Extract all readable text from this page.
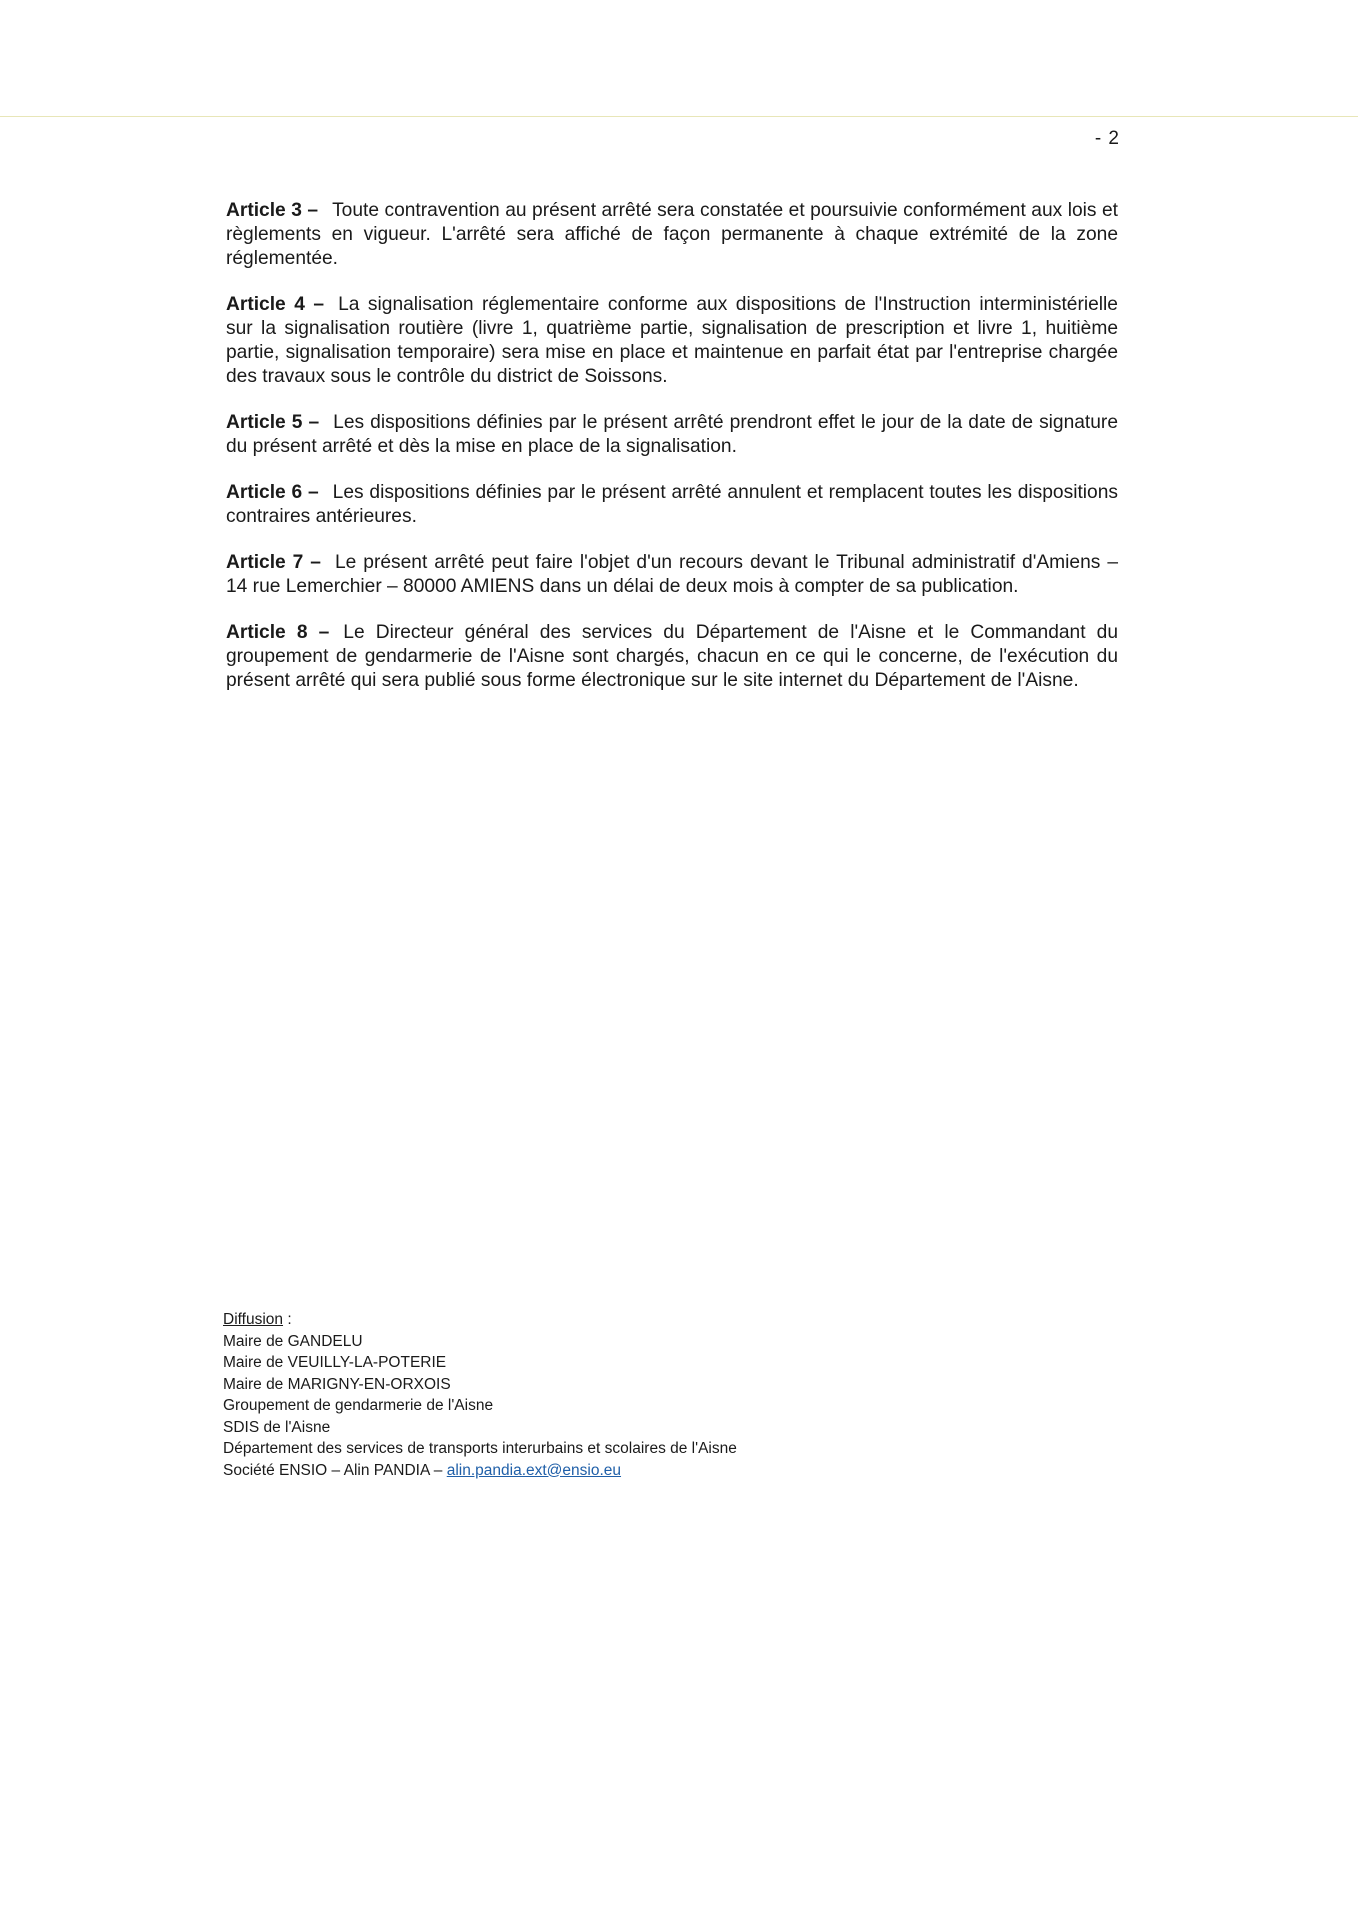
- 2

Article 3 – Toute contravention au présent arrêté sera constatée et poursuivie conformément aux lois et règlements en vigueur. L'arrêté sera affiché de façon permanente à chaque extrémité de la zone réglementée.

Article 4 – La signalisation réglementaire conforme aux dispositions de l'Instruction interministérielle sur la signalisation routière (livre 1, quatrième partie, signalisation de prescription et livre 1, huitième partie, signalisation temporaire) sera mise en place et maintenue en parfait état par l'entreprise chargée des travaux sous le contrôle du district de Soissons.

Article 5 – Les dispositions définies par le présent arrêté prendront effet le jour de la date de signature du présent arrêté et dès la mise en place de la signalisation.

Article 6 – Les dispositions définies par le présent arrêté annulent et remplacent toutes les dispositions contraires antérieures.

Article 7 – Le présent arrêté peut faire l'objet d'un recours devant le Tribunal administratif d'Amiens – 14 rue Lemerchier – 80000 AMIENS dans un délai de deux mois à compter de sa publication.

Article 8 – Le Directeur général des services du Département de l'Aisne et le Commandant du groupement de gendarmerie de l'Aisne sont chargés, chacun en ce qui le concerne, de l'exécution du présent arrêté qui sera publié sous forme électronique sur le site internet du Département de l'Aisne.

Diffusion :
Maire de GANDELU
Maire de VEUILLY-LA-POTERIE
Maire de MARIGNY-EN-ORXOIS
Groupement de gendarmerie de l'Aisne
SDIS de l'Aisne
Département des services de transports interurbains et scolaires de l'Aisne
Société ENSIO – Alin PANDIA – alin.pandia.ext@ensio.eu
